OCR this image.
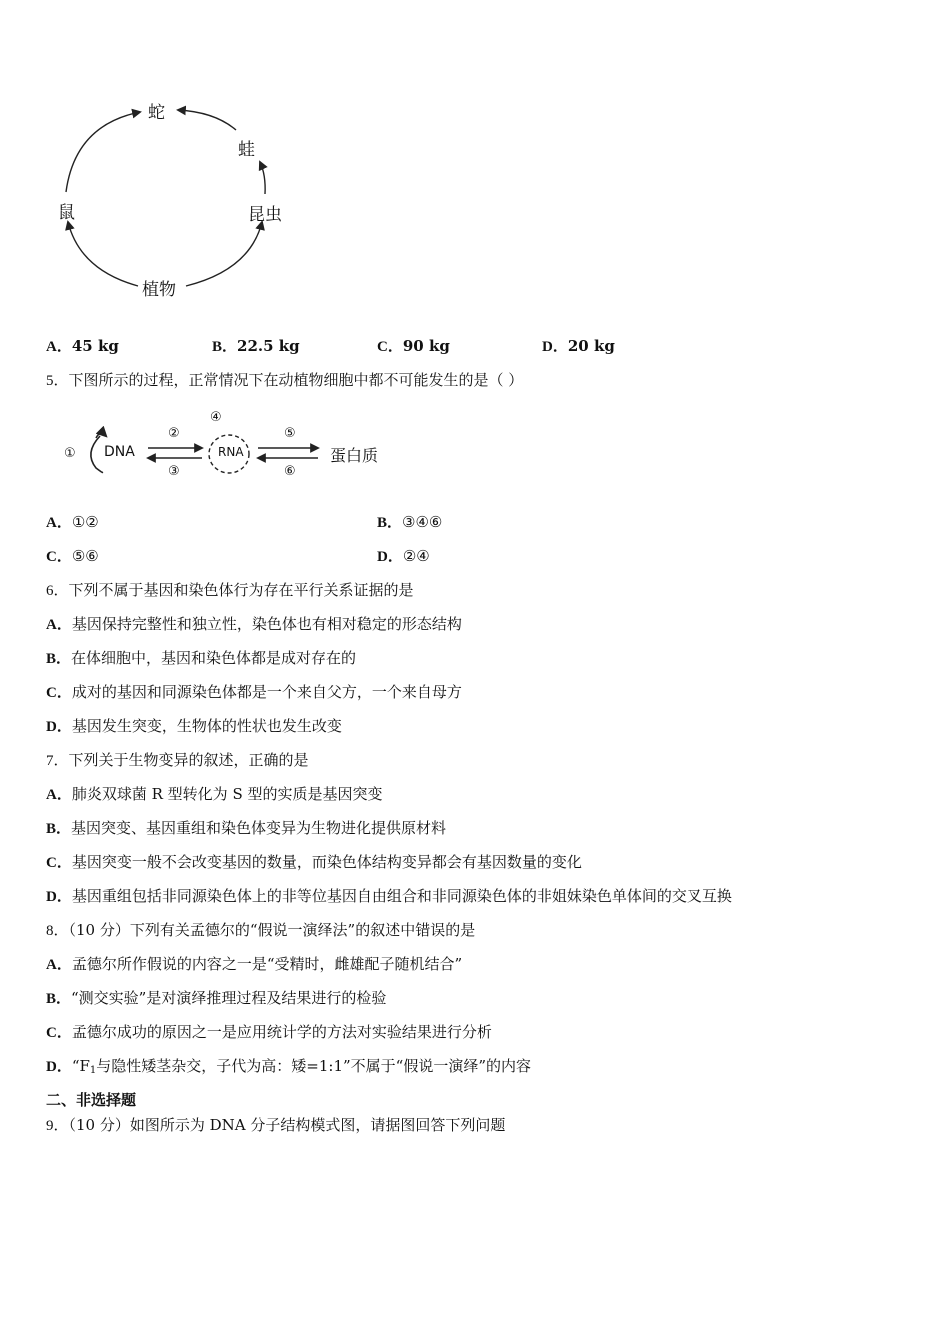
蛇
蛙
鼠	昆虫
植物
A．45 kg	B．22.5 kg	C．90 kg	D．20 kg
5．下图所示的过程，正常情况下在动植物细胞中都不可能发生的是（ ）
① DNA
②
③
④
RNA
⑤
⑥
蛋白质
A．①②	B．③④⑥
C．⑤⑥	D．②④
6．下列不属于基因和染色体行为存在平行关系证据的是
A．基因保持完整性和独立性，染色体也有相对稳定的形态结构
B．在体细胞中，基因和染色体都是成对存在的
C．成对的基因和同源染色体都是一个来自父方，一个来自母方
D．基因发生突变，生物体的性状也发生改变
7．下列关于生物变异的叙述，正确的是
A．肺炎双球菌 R 型转化为 S 型的实质是基因突变
B．基因突变、基因重组和染色体变异为生物进化提供原材料
C．基因突变一般不会改变基因的数量，而染色体结构变异都会有基因数量的变化
D．基因重组包括非同源染色体上的非等位基因自由组合和非同源染色体的非姐妹染色单体间的交叉互换
8．（10 分）下列有关孟德尔的“假说一演绎法”的叙述中错误的是
A．孟德尔所作假说的内容之一是“受精时，雌雄配子随机结合”
B．“测交实验”是对演绎推理过程及结果进行的检验
C．孟德尔成功的原因之一是应用统计学的方法对实验结果进行分析
D．“$F_1$与隐性矮茎杂交，子代为高：矮=1:1”不属于“假说一演绎”的内容
二、非选择题
9．（10 分）如图所示为 DNA 分子结构模式图，请据图回答下列问题
